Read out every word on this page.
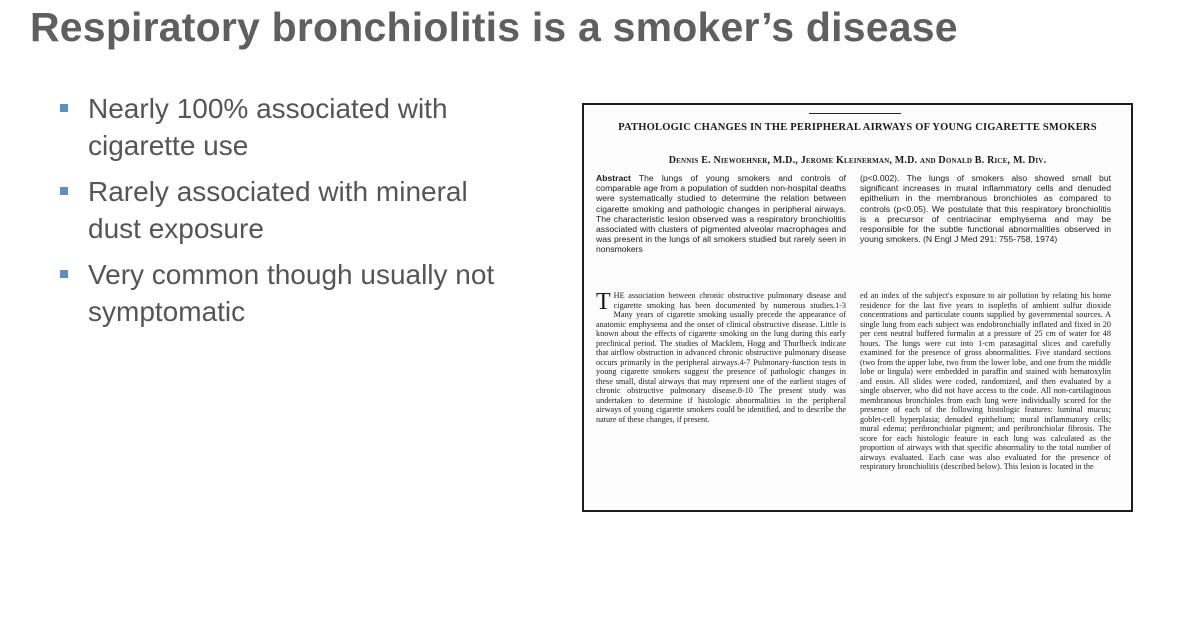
Respiratory bronchiolitis is a smoker’s disease
Nearly 100% associated with cigarette use
Rarely associated with mineral dust exposure
Very common though usually not symptomatic
PATHOLOGIC CHANGES IN THE PERIPHERAL AIRWAYS OF YOUNG CIGARETTE SMOKERS
Dennis E. Niewoehner, M.D., Jerome Kleinerman, M.D. and Donald B. Rice, M. Div.
Abstract The lungs of young smokers and controls of comparable age from a population of sudden non-hospital deaths were systematically studied to determine the relation between cigarette smoking and pathologic changes in peripheral airways. The characteristic lesion observed was a respiratory bronchiolitis associated with clusters of pigmented alveolar macrophages and was present in the lungs of all smokers studied but rarely seen in nonsmokers
(p<0.002). The lungs of smokers also showed small but significant increases in mural inflammatory cells and denuded epithelium in the membranous bronchioles as compared to controls (p<0.05). We postulate that this respiratory bronchiolitis is a precursor of centriacinar emphysema and may be responsible for the subtle functional abnormalities observed in young smokers. (N Engl J Med 291: 755-758, 1974)
T HE association between chronic obstructive pulmonary disease and cigarette smoking has been documented by numerous studies.1-3 Many years of cigarette smoking usually precede the appearance of anatomic emphysema and the onset of clinical obstructive disease. Little is known about the effects of cigarette smoking on the lung during this early preclinical period. The studies of Macklem, Hogg and Thurlbeck indicate that airflow obstruction in advanced chronic obstructive pulmonary disease occurs primarily in the peripheral airways.4-7 Pulmonary-function tests in young cigarette smokers suggest the presence of pathologic changes in these small, distal airways that may represent one of the earliest stages of chronic obstructive pulmonary disease.8-10 The present study was undertaken to determine if histologic abnormalities in the peripheral airways of young cigarette smokers could be identified, and to describe the nature of these changes, if present.
ed an index of the subject's exposure to air pollution by relating his home residence for the last five years to isopleths of ambient sulfur dioxide concentrations and particulate counts supplied by governmental sources. A single lung from each subject was endobronchially inflated and fixed in 20 per cent neutral buffered formalin at a pressure of 25 cm of water for 48 hours. The lungs were cut into 1-cm parasagittal slices and carefully examined for the presence of gross abnormalities. Five standard sections (two from the upper lobe, two from the lower lobe, and one from the middle lobe or lingula) were embedded in paraffin and stained with hematoxylin and eosin. All slides were coded, randomized, and then evaluated by a single observer, who did not have access to the code. All non-cartilaginous membranous bronchioles from each lung were individually scored for the presence of each of the following histologic features: luminal mucus; goblet-cell hyperplasia; denuded epithelium; mural inflammatory cells; mural edema; peribronchiolar pigment; and peribronchiolar fibrosis. The score for each histologic feature in each lung was calculated as the proportion of airways with that specific abnormality to the total number of airways evaluated. Each case was also evaluated for the presence of respiratory bronchiolitis (described below). This lesion is located in the
